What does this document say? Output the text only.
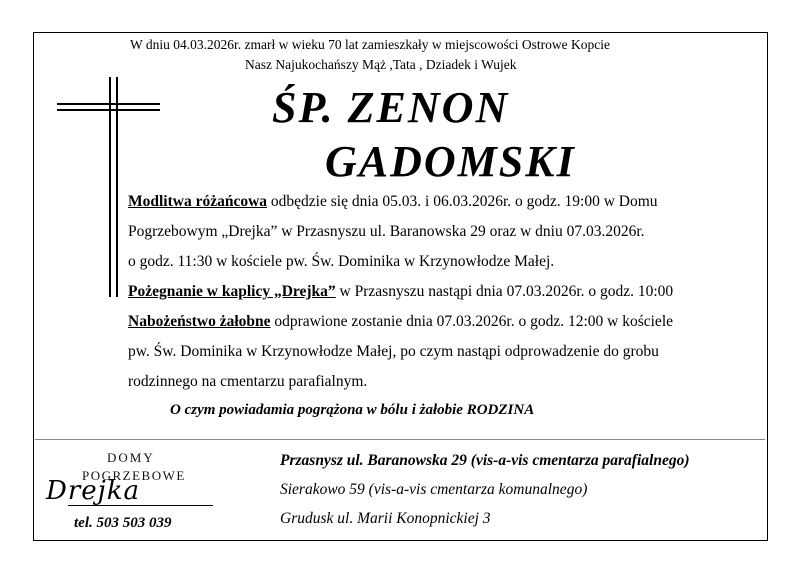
W dniu 04.03.2026r. zmarł w wieku 70 lat zamieszkały w miejscowości Ostrowe Kopcie
Nasz Najukochańszy Mąż ,Tata , Dziadek i Wujek
ŚP. ZENON
GADOMSKI
Modlitwa różańcowa odbędzie się dnia 05.03. i 06.03.2026r. o godz. 19:00 w Domu
Pogrzebowym „Drejka” w Przasnyszu ul. Baranowska 29 oraz w dniu 07.03.2026r.
o godz. 11:30 w kościele pw. Św. Dominika w Krzynowłodze Małej.
Pożegnanie w kaplicy „Drejka” w Przasnyszu nastąpi dnia 07.03.2026r. o godz. 10:00
Nabożeństwo żałobne odprawione zostanie dnia 07.03.2026r. o godz. 12:00 w kościele
pw. Św. Dominika w Krzynowłodze Małej, po czym nastąpi odprowadzenie do grobu
rodzinnego na cmentarzu parafialnym.
O czym powiadamia pogrążona w bólu i żałobie RODZINA
DOMY
POGRZEBOWE
Drejka
tel. 503 503 039
Przasnysz ul. Baranowska 29 (vis-a-vis cmentarza parafialnego)
Sierakowo 59 (vis-a-vis cmentarza komunalnego)
Grudusk ul. Marii Konopnickiej 3
